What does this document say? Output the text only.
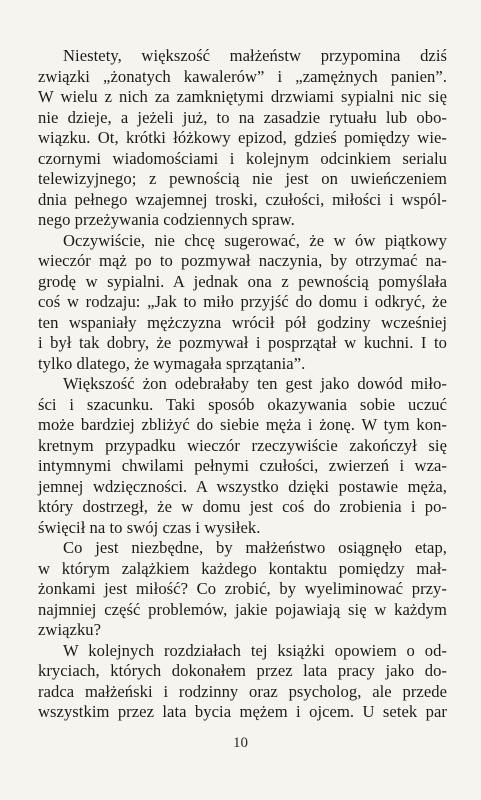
Niestety, większość małżeństw przypomina dziś
związki „żonatych kawalerów” i „zamężnych panien”.
W wielu z nich za zamkniętymi drzwiami sypialni nic się
nie dzieje, a jeżeli już, to na zasadzie rytuału lub obo-
wiązku. Ot, krótki łóżkowy epizod, gdzieś pomiędzy wie-
czornymi wiadomościami i kolejnym odcinkiem serialu
telewizyjnego; z pewnością nie jest on uwieńczeniem
dnia pełnego wzajemnej troski, czułości, miłości i wspól-
nego przeżywania codziennych spraw.

Oczywiście, nie chcę sugerować, że w ów piątkowy
wieczór mąż po to pozmywał naczynia, by otrzymać na-
grodę w sypialni. A jednak ona z pewnością pomyślała
coś w rodzaju: „Jak to miło przyjść do domu i odkryć, że
ten wspaniały mężczyzna wrócił pół godziny wcześniej
i był tak dobry, że pozmywał i posprzątał w kuchni. I to
tylko dlatego, że wymagała sprzątania”.

Większość żon odebrałaby ten gest jako dowód miło-
ści i szacunku. Taki sposób okazywania sobie uczuć
może bardziej zbliżyć do siebie męża i żonę. W tym kon-
kretnym przypadku wieczór rzeczywiście zakończył się
intymnymi chwilami pełnymi czułości, zwierzeń i wza-
jemnej wdzięczności. A wszystko dzięki postawie męża,
który dostrzegł, że w domu jest coś do zrobienia i po-
święcił na to swój czas i wysiłek.

Co jest niezbędne, by małżeństwo osiągnęło etap,
w którym zalążkiem każdego kontaktu pomiędzy mał-
żonkami jest miłość? Co zrobić, by wyeliminować przy-
najmniej część problemów, jakie pojawiają się w każdym
związku?

W kolejnych rozdziałach tej książki opowiem o od-
kryciach, których dokonałem przez lata pracy jako do-
radca małżeński i rodzinny oraz psycholog, ale przede
wszystkim przez lata bycia mężem i ojcem. U setek par

10
